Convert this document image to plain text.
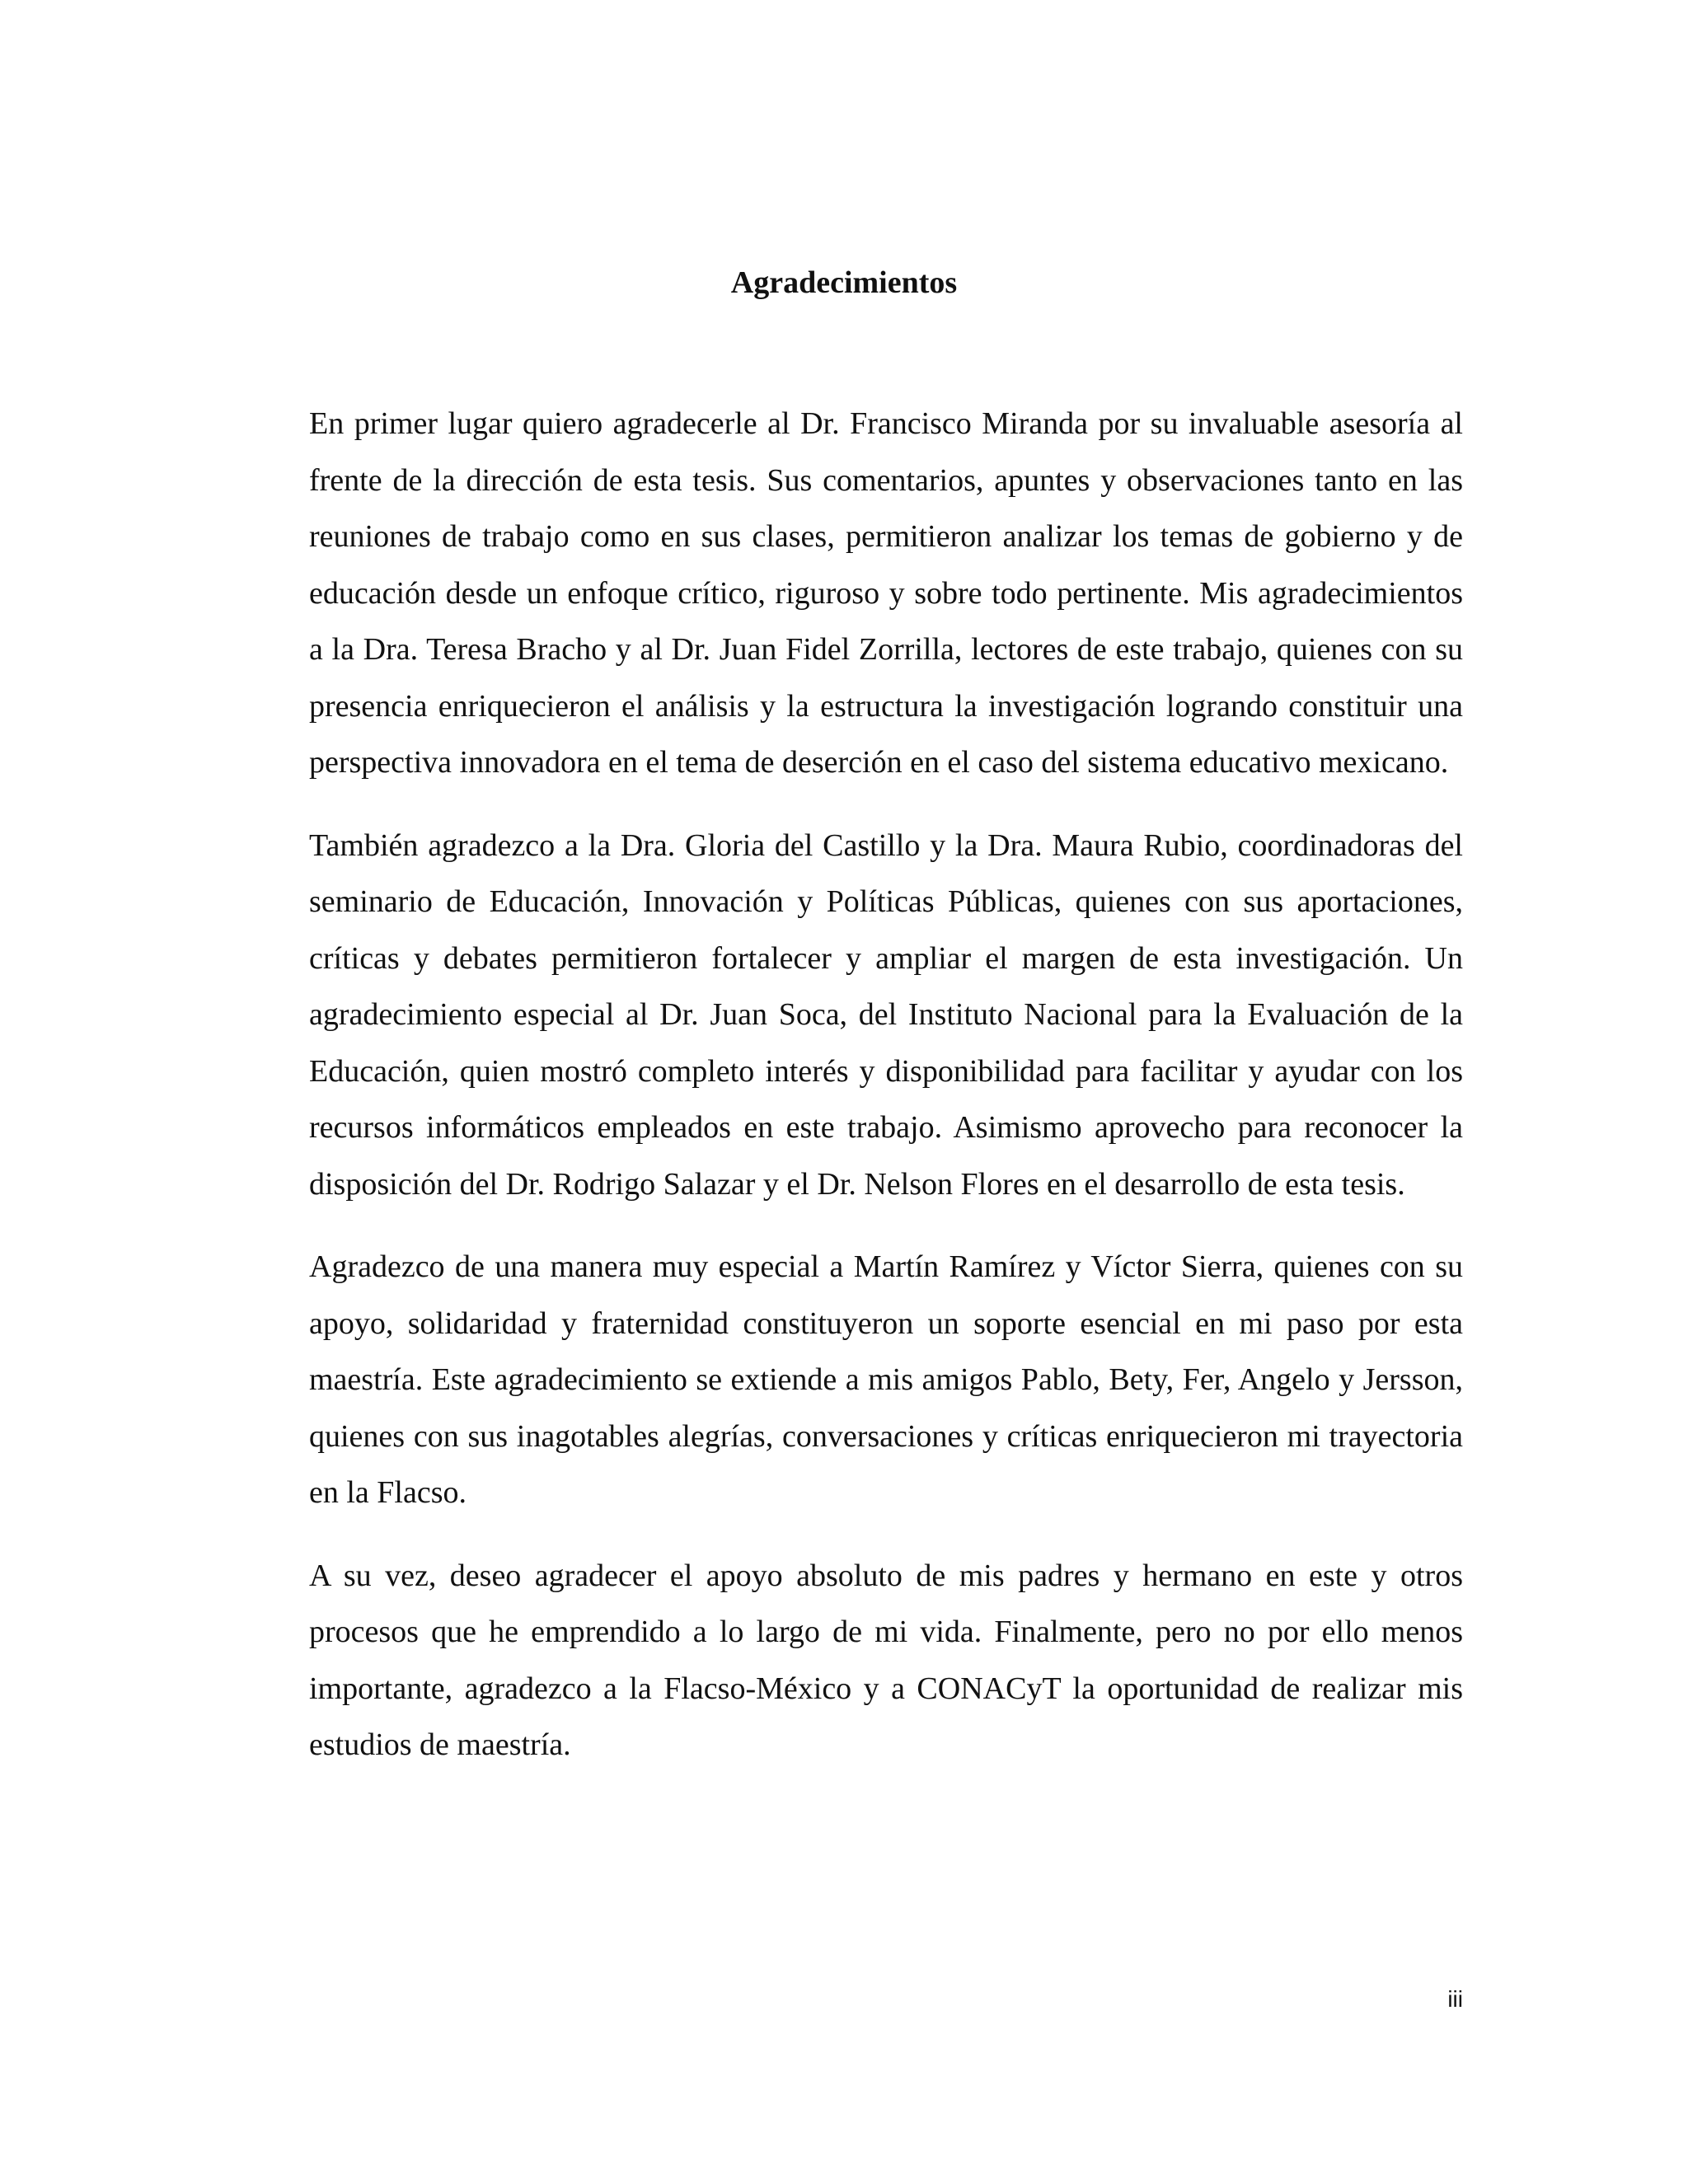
Agradecimientos

En primer lugar quiero agradecerle al Dr. Francisco Miranda por su invaluable asesoría al frente de la dirección de esta tesis. Sus comentarios, apuntes y observaciones tanto en las reuniones de trabajo como en sus clases, permitieron analizar los temas de gobierno y de educación desde un enfoque crítico, riguroso y sobre todo pertinente. Mis agradecimientos a la Dra. Teresa Bracho y al Dr. Juan Fidel Zorrilla, lectores de este trabajo, quienes con su presencia enriquecieron el análisis y la estructura la investigación logrando constituir una perspectiva innovadora en el tema de deserción en el caso del sistema educativo mexicano.

También agradezco a la Dra. Gloria del Castillo y la Dra. Maura Rubio, coordinadoras del seminario de Educación, Innovación y Políticas Públicas, quienes con sus aportaciones, críticas y debates permitieron fortalecer y ampliar el margen de esta investigación. Un agradecimiento especial al Dr. Juan Soca, del Instituto Nacional para la Evaluación de la Educación, quien mostró completo interés y disponibilidad para facilitar y ayudar con los recursos informáticos empleados en este trabajo. Asimismo aprovecho para reconocer la disposición del Dr. Rodrigo Salazar y el Dr. Nelson Flores en el desarrollo de esta tesis.

Agradezco de una manera muy especial a Martín Ramírez y Víctor Sierra, quienes con su apoyo, solidaridad y fraternidad constituyeron un soporte esencial en mi paso por esta maestría. Este agradecimiento se extiende a mis amigos Pablo, Bety, Fer, Angelo y Jersson, quienes con sus inagotables alegrías, conversaciones y críticas enriquecieron mi trayectoria en la Flacso.

A su vez, deseo agradecer el apoyo absoluto de mis padres y hermano en este y otros procesos que he emprendido a lo largo de mi vida. Finalmente, pero no por ello menos importante, agradezco a la Flacso-México y a CONACyT la oportunidad de realizar mis estudios de maestría.

iii
